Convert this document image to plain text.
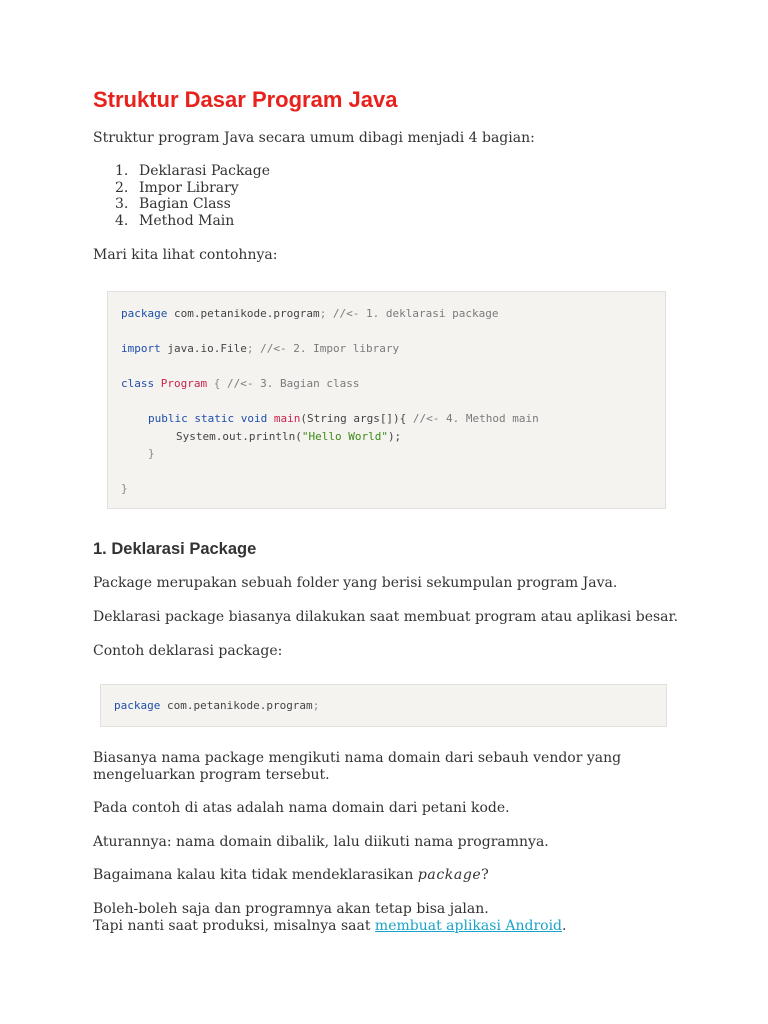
Struktur Dasar Program Java

Struktur program Java secara umum dibagi menjadi 4 bagian:

1. Deklarasi Package
2. Impor Library
3. Bagian Class
4. Method Main

Mari kita lihat contohnya:

package com.petanikode.program; //<- 1. deklarasi package
import java.io.File; //<- 2. Impor library
class Program { //<- 3. Bagian class
public static void main(String args[]){ //<- 4. Method main
System.out.println("Hello World");
}
}
1. Deklarasi Package

Package merupakan sebuah folder yang berisi sekumpulan program Java.

Deklarasi package biasanya dilakukan saat membuat program atau aplikasi besar.

Contoh deklarasi package:

package com.petanikode.program;

Biasanya nama package mengikuti nama domain dari sebauh vendor yang

mengeluarkan program tersebut.

Pada contoh di atas adalah nama domain dari petani kode.

Aturannya: nama domain dibalik, lalu diikuti nama programnya.

Bagaimana kalau kita tidak mendeklarasikan package?

Boleh-boleh saja dan programnya akan tetap bisa jalan.

Tapi nanti saat produksi, misalnya saat membuat aplikasi Android.
